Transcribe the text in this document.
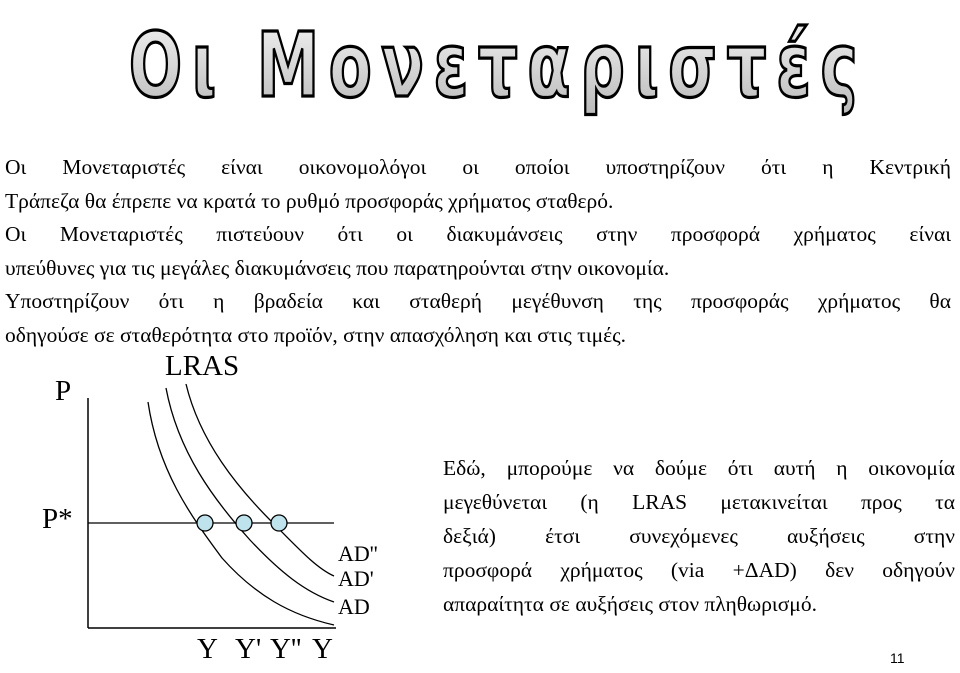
Οι Μονεταριστές
Οι Μονεταριστές είναι οικονομολόγοι οι οποίοι υποστηρίζουν ότι η Κεντρική
Τράπεζα θα έπρεπε να κρατά το ρυθμό προσφοράς χρήματος σταθερό.
Οι Μονεταριστές πιστεύουν ότι οι διακυμάνσεις στην προσφορά χρήματος είναι
υπεύθυνες για τις μεγάλες διακυμάνσεις που παρατηρούνται στην οικονομία.
Υποστηρίζουν ότι η βραδεία και σταθερή μεγέθυνση της προσφοράς χρήματος θα
οδηγούσε σε σταθερότητα στο προϊόν, στην απασχόληση και στις τιμές.
P
P*
LRAS
AD''
AD'
AD
Y Y' Y'' Y
Εδώ, μπορούμε να δούμε ότι αυτή η οικονομία
μεγεθύνεται (η LRAS μετακινείται προς τα
δεξιά) έτσι συνεχόμενες αυξήσεις στην
προσφορά χρήματος (via +ΔAD) δεν οδηγούν
απαραίτητα σε αυξήσεις στον πληθωρισμό.
11
